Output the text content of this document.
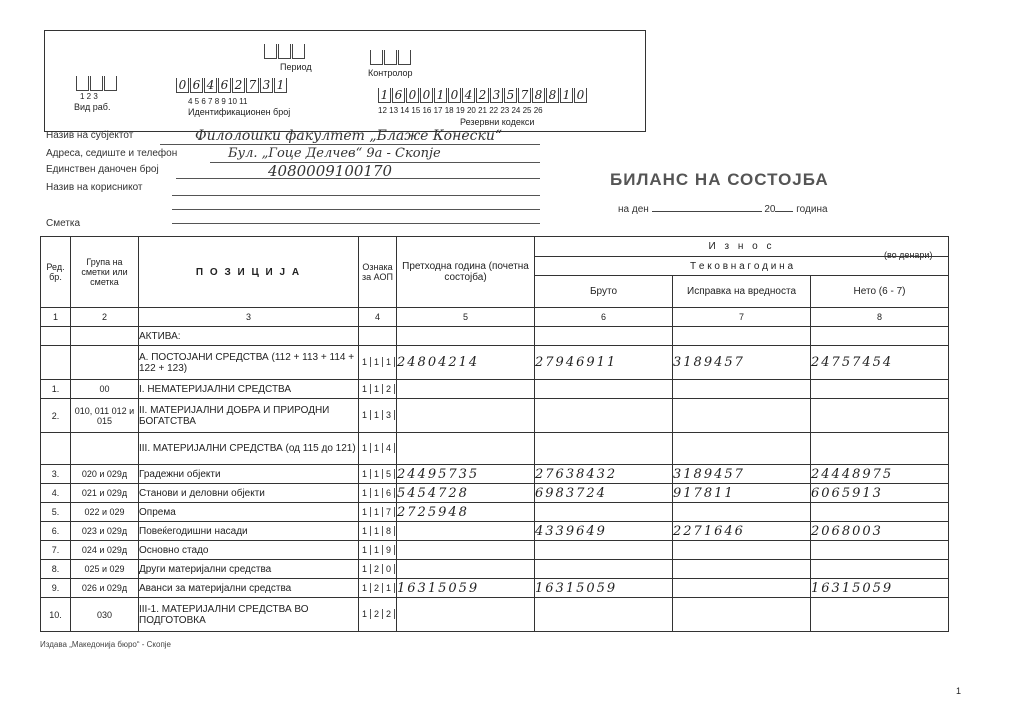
Период
Контролор
1 2 3
Вид раб.
0 6 4 6 2 7 3 1
4 5 6 7 8 9 10 11
Идентификационен број
1 6 0 0 1 0 4 2 3 5 7 8 8 1 0
12 13 14 15 16 17 18 19 20 21 22 23 24 25 26
Резервни кодекси
Назив на субјектот	Филолошки факултет „Блаже Конески“
Адреса, седиштe и телефон	Бул. „Гоце Делчев“ 9а - Скопје
Единствен даночен број	4080009100170
Назив на корисникот
Сметка
БИЛАНС НА СОСТОЈБА
на ден	20 година
(во денари)
Ред. бр.	Група на сметки или сметка	П О З И Ц И Ј А	Ознака за АОП	Претходна година (почетна состојба)	И з н о с		
					Т е к о в н а г о д и н а		
					Бруто	Исправка на вредноста	Нето (6 - 7)
1	2	3	4	5	6	7	8
		АКТИВА:	

		А. ПОСТОЈАНИ СРЕДСТВА (112 + 113 + 114 + 122 + 123)	1 1 1	24804214	27946911	3189457	24757454
1.	00	I. НЕМАТЕРИЈАЛНИ СРЕДСТВА	1 1 2				

2.	010, 011 012 и 015	II. МАТЕРИЈАЛНИ ДОБРА И ПРИРОДНИ БОГАТСТВА	1 1 3				

		III. МАТЕРИЈАЛНИ СРЕДСТВА (од 115 до 121)	1 1 4				

3.	020 и 029д	Градежни објекти	1 1 5	24495735	27638432	3189457	24448975
4.	021 и 029д	Станови и деловни објекти	1 1 6	5454728	6983724	917811	6065913
5.	022 и 029	Опрема	1 1 7	2725948			
6.	023 и 029д	Повеќегодишни насади	1 1 8		4339649	2271646	2068003
7.	024 и 029д	Основно стадо	1 1 9				

8.	025 и 029	Други материјални средства	1 2 0				

9.	026 и 029д	Аванси за материјални средства	1 2 1	16315059	16315059		16315059
10.	030	III-1. МАТЕРИЈАЛНИ СРЕДСТВА ВО ПОДГОТОВКА	1 2 2				

Издава „Македонија бюро“ - Скопје
1
